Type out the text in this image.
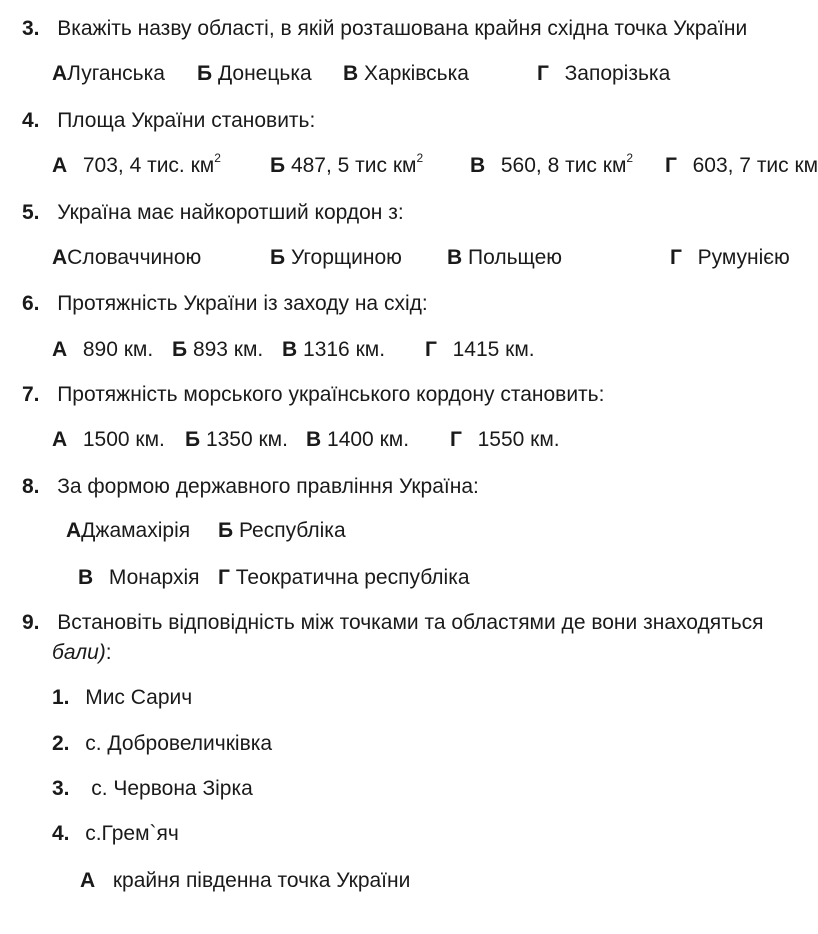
3. Вкажіть назву області, в якій розташована крайня східна точка України
АЛуганська Б Донецька В Харківська	Г Запорізька
4. Площа України становить:
А 703, 4 тис. $км^2$ Б 487, 5 тис $км^2$ В 560, 8 тис $км^2$ Г 603, 7 тис км
5. Україна має найкоротший кордон з:
АСловаччиною	Б Угорщиною В Польщею	Г Румунією
6. Протяжність України із заходу на схід:
А 890 км. Б 893 км. В 1316 км. Г 1415 км.
7. Протяжність морського українського кордону становить:
А 1500 км. Б 1350 км. В 1400 км. Г 1550 км.
8. За формою державного правління Україна:
АДжамахірія Б Республіка
В Монархія Г Теократична республіка
9. Встановіть відповідність між точками та областями де вони знаходяться
бали):
1. Мис Сарич
2. с. Добровеличківка
3. с. Червона Зірка
4. с.Грем`яч
А крайня південна точка України
